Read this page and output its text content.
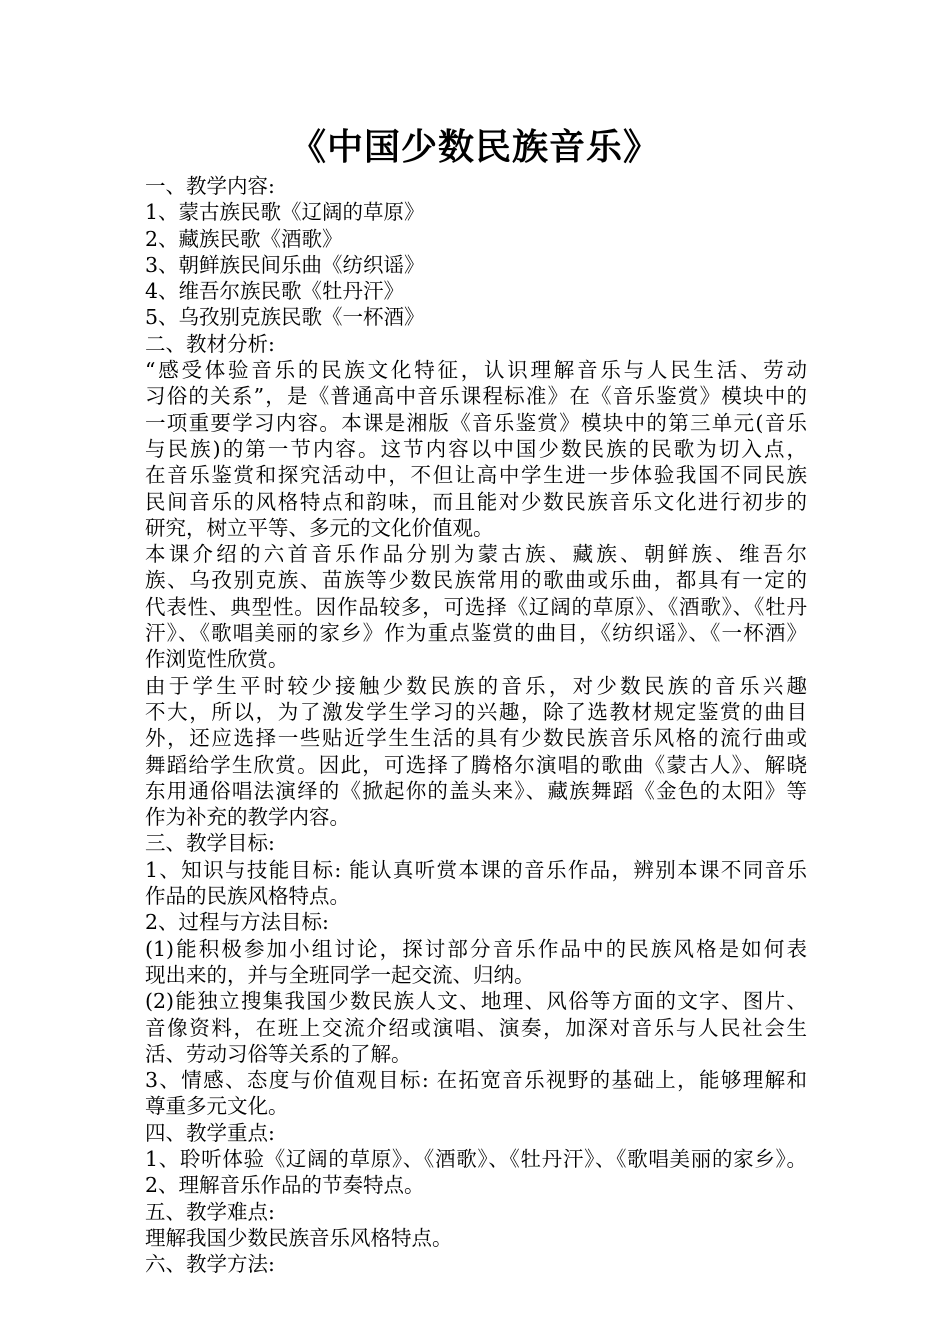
《中国少数民族音乐》
一、教学内容:
1、蒙古族民歌《辽阔的草原》
2、藏族民歌《酒歌》
3、朝鲜族民间乐曲《纺织谣》
4、维吾尔族民歌《牡丹汗》
5、乌孜别克族民歌《一杯酒》
二、教材分析:
“感受体验音乐的民族文化特征，认识理解音乐与人民生活、劳动
习俗的关系”，是《普通高中音乐课程标准》在《音乐鉴赏》模块中的
一项重要学习内容。本课是湘版《音乐鉴赏》模块中的第三单元(音乐
与民族)的第一节内容。这节内容以中国少数民族的民歌为切入点，
在音乐鉴赏和探究活动中，不但让高中学生进一步体验我国不同民族
民间音乐的风格特点和韵味，而且能对少数民族音乐文化进行初步的
研究，树立平等、多元的文化价值观。
本课介绍的六首音乐作品分别为蒙古族、藏族、朝鲜族、维吾尔
族、乌孜别克族、苗族等少数民族常用的歌曲或乐曲，都具有一定的
代表性、典型性。因作品较多，可选择《辽阔的草原》、《酒歌》、《牡丹
汗》、《歌唱美丽的家乡》作为重点鉴赏的曲目，《纺织谣》、《一杯酒》
作浏览性欣赏。
由于学生平时较少接触少数民族的音乐，对少数民族的音乐兴趣
不大，所以，为了激发学生学习的兴趣，除了选教材规定鉴赏的曲目
外，还应选择一些贴近学生生活的具有少数民族音乐风格的流行曲或
舞蹈给学生欣赏。因此，可选择了腾格尔演唱的歌曲《蒙古人》、解晓
东用通俗唱法演绎的《掀起你的盖头来》、藏族舞蹈《金色的太阳》等
作为补充的教学内容。
三、教学目标:
1、知识与技能目标: 能认真听赏本课的音乐作品，辨别本课不同音乐
作品的民族风格特点。
2、过程与方法目标:
(1)能积极参加小组讨论，探讨部分音乐作品中的民族风格是如何表
现出来的，并与全班同学一起交流、归纳。
(2)能独立搜集我国少数民族人文、地理、风俗等方面的文字、图片、
音像资料，在班上交流介绍或演唱、演奏，加深对音乐与人民社会生
活、劳动习俗等关系的了解。
3、情感、态度与价值观目标: 在拓宽音乐视野的基础上，能够理解和
尊重多元文化。
四、教学重点:
1、聆听体验《辽阔的草原》、《酒歌》、《牡丹汗》、《歌唱美丽的家乡》。
2、理解音乐作品的节奏特点。
五、教学难点:
理解我国少数民族音乐风格特点。
六、教学方法:
